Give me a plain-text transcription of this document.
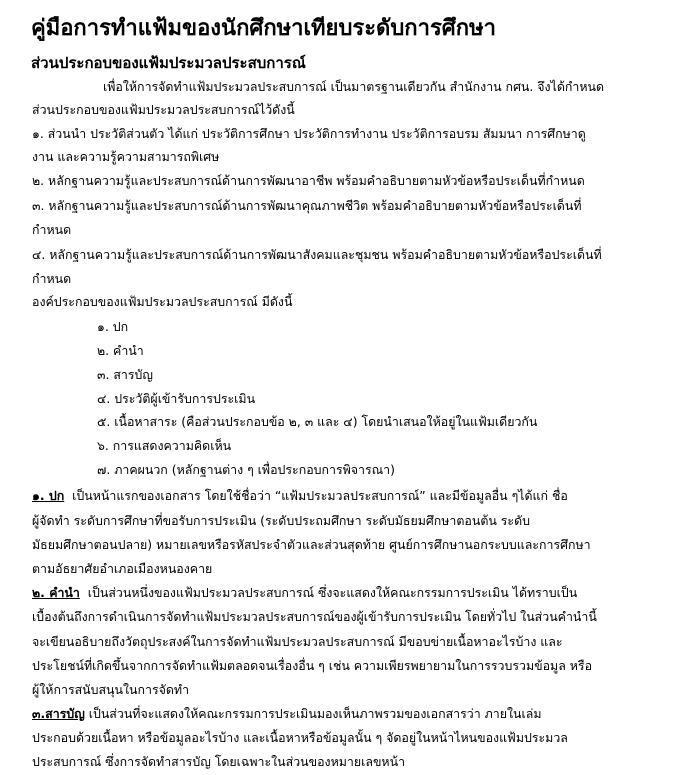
คู่มือการทำแฟ้มของนักศึกษาเทียบระดับการศึกษา
ส่วนประกอบของแฟ้มประมวลประสบการณ์
เพื่อให้การจัดทำแฟ้มประมวลประสบการณ์ เป็นมาตรฐานเดียวกัน สำนักงาน กศน. จึงได้กำหนด
ส่วนประกอบของแฟ้มประมวลประสบการณ์ไว้ดังนี้
๑. ส่วนนำ ประวัติส่วนตัว ได้แก่ ประวัติการศึกษา ประวัติการทำงาน ประวัติการอบรม สัมมนา การศึกษาดู
งาน และความรู้ความสามารถพิเศษ
๒. หลักฐานความรู้และประสบการณ์ด้านการพัฒนาอาชีพ พร้อมคำอธิบายตามหัวข้อหรือประเด็นที่กำหนด
๓. หลักฐานความรู้และประสบการณ์ด้านการพัฒนาคุณภาพชีวิต พร้อมคำอธิบายตามหัวข้อหรือประเด็นที่
กำหนด
๔. หลักฐานความรู้และประสบการณ์ด้านการพัฒนาสังคมและชุมชน พร้อมคำอธิบายตามหัวข้อหรือประเด็นที่
กำหนด
องค์ประกอบของแฟ้มประมวลประสบการณ์ มีดังนี้
๑. ปก
๒. คำนำ
๓. สารบัญ
๔. ประวัติผู้เข้ารับการประเมิน
๕. เนื้อหาสาระ (คือส่วนประกอบข้อ ๒, ๓ และ ๔) โดยนำเสนอให้อยู่ในแฟ้มเดียวกัน
๖. การแสดงความคิดเห็น
๗. ภาคผนวก (หลักฐานต่าง ๆ เพื่อประกอบการพิจารณา)
๑. ปก เป็นหน้าแรกของเอกสาร โดยใช้ชื่อว่า “แฟ้มประมวลประสบการณ์” และมีข้อมูลอื่น ๆได้แก่ ชื่อ
ผู้จัดทำ ระดับการศึกษาที่ขอรับการประเมิน (ระดับประถมศึกษา ระดับมัธยมศึกษาตอนต้น ระดับ
มัธยมศึกษาตอนปลาย) หมายเลขหรือรหัสประจำตัวและส่วนสุดท้าย ศูนย์การศึกษานอกระบบและการศึกษา
ตามอัธยาศัยอำเภอเมืองหนองคาย
๒. คำนำ เป็นส่วนหนึ่งของแฟ้มประมวลประสบการณ์ ซึ่งจะแสดงให้คณะกรรมการประเมิน ได้ทราบเป็น
เบื้องต้นถึงการดำเนินการจัดทำแฟ้มประมวลประสบการณ์ของผู้เข้ารับการประเมิน โดยทั่วไป ในส่วนคำนำนี้
จะเขียนอธิบายถึงวัตถุประสงค์ในการจัดทำแฟ้มประมวลประสบการณ์ มีขอบข่ายเนื้อหาอะไรบ้าง และ
ประโยชน์ที่เกิดขึ้นจากการจัดทำแฟ้มตลอดจนเรื่องอื่น ๆ เช่น ความเพียรพยายามในการรวบรวมข้อมูล หรือ
ผู้ให้การสนับสนุนในการจัดทำ
๓.สารบัญ เป็นส่วนที่จะแสดงให้คณะกรรมการประเมินมองเห็นภาพรวมของเอกสารว่า ภายในเล่ม
ประกอบด้วยเนื้อหา หรือข้อมูลอะไรบ้าง และเนื้อหาหรือข้อมูลนั้น ๆ จัดอยู่ในหน้าไหนของแฟ้มประมวล
ประสบการณ์ ซึ่งการจัดทำสารบัญ โดยเฉพาะในส่วนของหมายเลขหน้า
